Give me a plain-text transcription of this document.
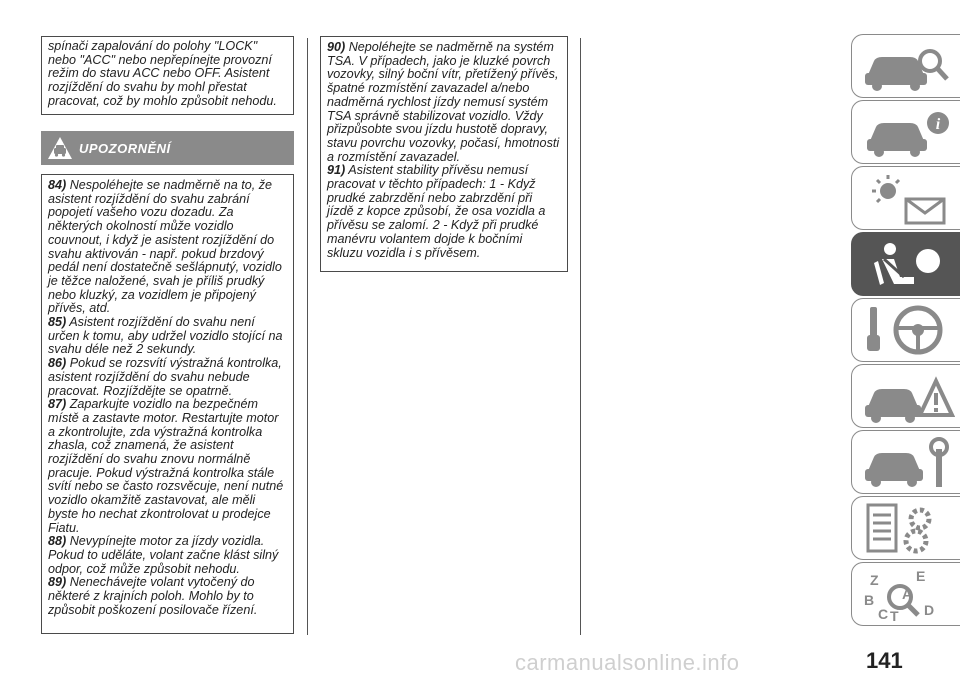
spínači zapalování do polohy "LOCK" nebo "ACC" nebo nepřepínejte provozní režim do stavu ACC nebo OFF. Asistent rozjíždění do svahu by mohl přestat pracovat, což by mohlo způsobit nehodu.

UPOZORNĚNÍ

84) Nespoléhejte se nadměrně na to, že asistent rozjíždění do svahu zabrání popojetí vašeho vozu dozadu. Za některých okolností může vozidlo couvnout, i když je asistent rozjíždění do svahu aktivován - např. pokud brzdový pedál není dostatečně sešlápnutý, vozidlo je těžce naložené, svah je příliš prudký nebo kluzký, za vozidlem je připojený přívěs, atd.

85) Asistent rozjíždění do svahu není určen k tomu, aby udržel vozidlo stojící na svahu déle než 2 sekundy.

86) Pokud se rozsvítí výstražná kontrolka, asistent rozjíždění do svahu nebude pracovat. Rozjíždějte se opatrně.

87) Zaparkujte vozidlo na bezpečném místě a zastavte motor. Restartujte motor a zkontrolujte, zda výstražná kontrolka zhasla, což znamená, že asistent rozjíždění do svahu znovu normálně pracuje. Pokud výstražná kontrolka stále svítí nebo se často rozsvěcuje, není nutné vozidlo okamžitě zastavovat, ale měli byste ho nechat zkontrolovat u prodejce Fiatu.

88) Nevypínejte motor za jízdy vozidla. Pokud to uděláte, volant začne klást silný odpor, což může způsobit nehodu.

89) Nenechávejte volant vytočený do některé z krajních poloh. Mohlo by to způsobit poškození posilovače řízení.

90) Nepoléhejte se nadměrně na systém TSA. V případech, jako je kluzké povrch vozovky, silný boční vítr, přetížený přívěs, špatné rozmístění zavazadel a/nebo nadměrná rychlost jízdy nemusí systém TSA správně stabilizovat vozidlo. Vždy přizpůsobte svou jízdu hustotě dopravy, stavu povrchu vozovky, počasí, hmotnosti a rozmístění zavazadel.

91) Asistent stability přívěsu nemusí pracovat v těchto případech: 1 - Když prudké zabrzdění nebo zabrzdění při jízdě z kopce způsobí, že osa vozidla a přívěsu se zalomí. 2 - Když při prudké manévru volantem dojde k bočními skluzu vozidla i s přívěsem.

i
Z	E
A
B
C T D
141
carmanualsonline.info
